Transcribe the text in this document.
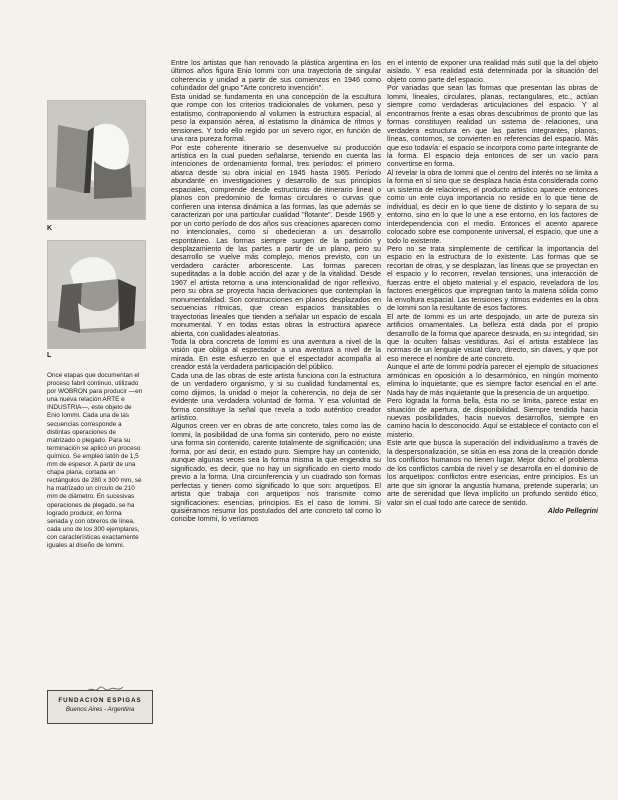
K
L
Once etapas que documentan el proceso fabril continuo, utilizado por WOBRON para producir —en una nueva relación ARTE e INDUSTRIA—, este objeto de Enio Iommi. Cada una de las secuencias corresponde a distintas operaciones de matrizado o plegado. Para su terminación se aplicó un proceso químico. Se empleó latón de 1,5 mm de espesor. A partir de una chapa plana, cortada en rectángulos de 280 x 300 mm, se ha matrizado un círculo de 210 mm de diámetro. En sucesivas operaciones de plegado, se ha logrado producir, en forma seriada y con obreros de línea, cada uno de los 300 ejemplares, con características exactamente iguales al diseño de Iommi.

Entre los artistas que han renovado la plástica argentina en los últimos años figura Enio Iommi con una trayectoria de singular coherencia y unidad a partir de sus comienzos en 1946 como cofundador del grupo "Arte concreto invención".

Esta unidad se fundamenta en una concepción de la escultura que rompe con los criterios tradicionales de volumen, peso y estatismo, contraponiendo al volumen la estructura espacial, al peso la expansión aérea, al estatismo la dinámica de ritmos y tensiones. Y todo ello regido por un severo rigor, en función de una rara pureza formal.

Por este coherente itinerario se desenvuelve su producción artística en la cual pueden señalarse, teniendo en cuenta las intenciones de ordenamiento formal, tres períodos: el primero abarca desde su obra inicial en 1945 hasta 1965. Período abundante en investigaciones y desarrollo de sus principios espaciales, comprende desde estructuras de itinerario lineal o planos con predominio de formas circulares o curvas que confieren una intensa dinámica a las formas, las que además se caracterizan por una particular cualidad "flotante". Desde 1965 y por un corto período de dos años sus creaciones aparecen como no intencionales, como si obedecieran a un desarrollo espontáneo. Las formas siempre surgen de la partición y desplazamiento de las partes a partir de un plano, pero su desarrollo se vuelve más complejo, menos previsto, con un verdadero carácter arborescente. Las formas parecen supeditadas a la doble acción del azar y de la vitalidad. Desde 1967 el artista retorna a una intencionalidad de rigor reflexivo, pero su obra se proyecta hacia derivaciones que contemplan la monumentalidad. Son construcciones en planos desplazados en secuencias rítmicas, que crean espacios transitables o trayectorias lineales que tienden a señalar un espacio de escala monumental. Y en todas estas obras la estructura aparece abierta, con cualidades aleatorias.

Toda la obra concreta de Iommi es una aventura a nivel de la visión que obliga al espectador a una aventura a nivel de la mirada. En este esfuerzo en que el espectador acompaña al creador está la verdadera participación del público.

Cada una de las obras de este artista funciona con la estructura de un verdadero organismo, y si su cualidad fundamental es, como dijimos, la unidad o mejor la coherencia, no deja de ser evidente una verdadera voluntad de forma. Y esa voluntad de forma constituye la señal que revela a todo auténtico creador artístico.

Algunos creen ver en obras de arte concreto, tales como las de Iommi, la posibilidad de una forma sin contenido, pero no existe una forma sin contenido, carente totalmente de significación; una forma, por así decir, en estado puro. Siempre hay un contenido, aunque algunas veces sea la forma misma la que engendra su significado, es decir, que no hay un significado en cierto modo previo a la forma. Una circunferencia y un cuadrado son formas perfectas y tienen como significado lo que son: arquetipos. El artista que trabaja con arquetipos nos transmite como significaciones: esencias, principios. Es el caso de Iommi. Si quisiéramos resumir los postulados del arte concreto tal como lo concibe Iommi, lo veríamos

en el intento de exponer una realidad más sutil que la del objeto aislado. Y esa realidad está determinada por la situación del objeto como parte del espacio.

Por variadas que sean las formas que presentan las obras de Iommi, lineales, circulares, planas, rectangulares, etc., actúan siempre como verdaderas articulaciones del espacio. Y al encontrarnos frente a esas obras descubrimos de pronto que las formas constituyen realidad un sistema de relaciones, una verdadera estructura en que las partes integrantes, planos, líneas, contornos, se convierten en referencias del espacio. Más que eso todavía: el espacio se incorpora como parte integrante de la forma. El espacio deja entonces de ser un vacío para convertirse en forma.

Al revelar la obra de Iommi que el centro del interés no se limita a la forma en sí sino que se desplaza hacia ésta considerada como un sistema de relaciones, el producto artístico aparece entonces como un ente cuya importancia no reside en lo que tiene de individual, es decir en lo que tiene de distinto y lo separa de su entorno, sino en lo que lo une a ese entorno, en los factores de interdependencia con el medio. Entonces el acento aparece colocado sobre ese componente universal, el espacio, que une a todo lo existente.

Pero no se trata simplemente de certificar la importancia del espacio en la estructura de lo existente. Las formas que se recortan de otras, y se desplazan, las líneas que se proyectan en el espacio y lo recorren, revelan tensiones, una interacción de fuerzas entre el objeto material y el espacio, reveladora de los factores energéticos que impregnan tanto la materia sólida como la envoltura espacial. Las tensiones y ritmos evidentes en la obra de Iommi son la resultante de esos factores.

El arte de Iommi es un arte despojado, un arte de pureza sin artificios ornamentales. La belleza está dada por el propio desarrollo de la forma que aparece desnuda, en su integridad, sin que la oculten falsas vestiduras. Así el artista establece las normas de un lenguaje visual claro, directo, sin claves, y que por eso merece el nombre de arte concreto.

Aunque el arte de Iommi podría parecer el ejemplo de situaciones armónicas en oposición a lo desarmónico, en ningún momento elimina lo inquietante, que es siempre factor esencial en el arte. Nada hay de más inquietante que la presencia de un arquetipo.

Pero lograda la forma bella, ésta no se limita, parece estar en situación de apertura, de disponibilidad. Siempre tendida hacia nuevas posibilidades, hacia nuevos desarrollos, siempre en camino hacia lo desconocido. Aquí se establece el contacto con el misterio.

Este arte que busca la superación del individualismo a través de la despersonalización, se sitúa en esa zona de la creación donde los conflictos humanos no tienen lugar. Mejor dicho: el problema de los conflictos cambia de nivel y se desarrolla en el dominio de los arquetipos: conflictos entre esencias, entre principios. Es un arte que sin ignorar la angustia humana, pretende superarla; un arte de serenidad que lleva implícito un profundo sentido ético, valor sin el cual todo arte carece de sentido.

Aldo Pellegrini
FUNDACION ESPIGAS
Buenos Aires - Argentina
